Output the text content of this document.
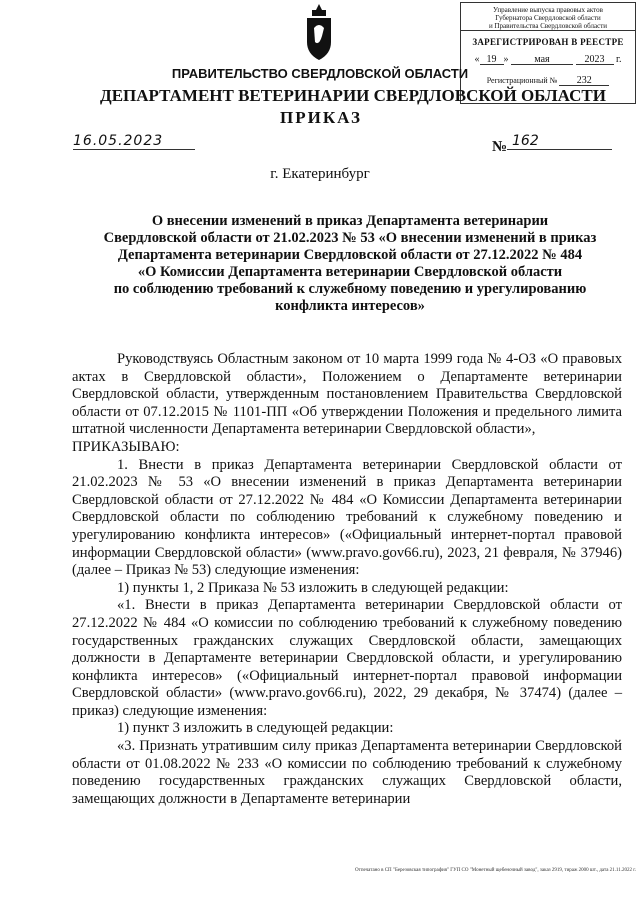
Управление выпуска правовых актов
Губернатора Свердловской области
и Правительства Свердловской области
ЗАРЕГИСТРИРОВАН В РЕЕСТРЕ
« 19 » мая	2023 г.
Регистрационный № 232
ПРАВИТЕЛЬСТВО СВЕРДЛОВСКОЙ ОБЛАСТИ
ДЕПАРТАМЕНТ ВЕТЕРИНАРИИ СВЕРДЛОВСКОЙ ОБЛАСТИ
ПРИКАЗ
16.05.2023	№ 162
г. Екатеринбург
О внесении изменений в приказ Департамента ветеринарии
Свердловской области от 21.02.2023 № 53 «О внесении изменений в приказ
Департамента ветеринарии Свердловской области от 27.12.2022 № 484
«О Комиссии Департамента ветеринарии Свердловской области
по соблюдению требований к служебному поведению и урегулированию
конфликта интересов»

Руководствуясь Областным законом от 10 марта 1999 года № 4-ОЗ «О правовых актах в Свердловской области», Положением о Департаменте ветеринарии Свердловской области, утвержденным постановлением Правительства Свердловской области от 07.12.2015 № 1101-ПП «Об утверждении Положения и предельного лимита штатной численности Департамента ветеринарии Свердловской области»,

ПРИКАЗЫВАЮ:

1. Внести в приказ Департамента ветеринарии Свердловской области от 21.02.2023 № 53 «О внесении изменений в приказ Департамента ветеринарии Свердловской области от 27.12.2022 № 484 «О Комиссии Департамента ветеринарии Свердловской области по соблюдению требований к служебному поведению и урегулированию конфликта интересов» («Официальный интернет-портал правовой информации Свердловской области» (www.pravo.gov66.ru), 2023, 21 февраля, № 37946) (далее – Приказ № 53) следующие изменения:

1) пункты 1, 2 Приказа № 53 изложить в следующей редакции:

«1. Внести в приказ Департамента ветеринарии Свердловской области от 27.12.2022 № 484 «О комиссии по соблюдению требований к служебному поведению государственных гражданских служащих Свердловской области, замещающих должности в Департаменте ветеринарии Свердловской области, и урегулированию конфликта интересов» («Официальный интернет-портал правовой информации Свердловской области» (www.pravo.gov66.ru), 2022, 29 декабря, № 37474) (далее – приказ) следующие изменения:

1) пункт 3 изложить в следующей редакции:

«3. Признать утратившим силу приказ Департамента ветеринарии Свердловской области от 01.08.2022 № 233 «О комиссии по соблюдению требований к служебному поведению государственных гражданских служащих Свердловской области, замещающих должности в Департаменте ветеринарии

Отпечатано в СП "Березовская типография" ГУП СО "Монетный щебеночный завод", заказ 2919, тираж 2000 шт., дата 21.11.2022 г.
